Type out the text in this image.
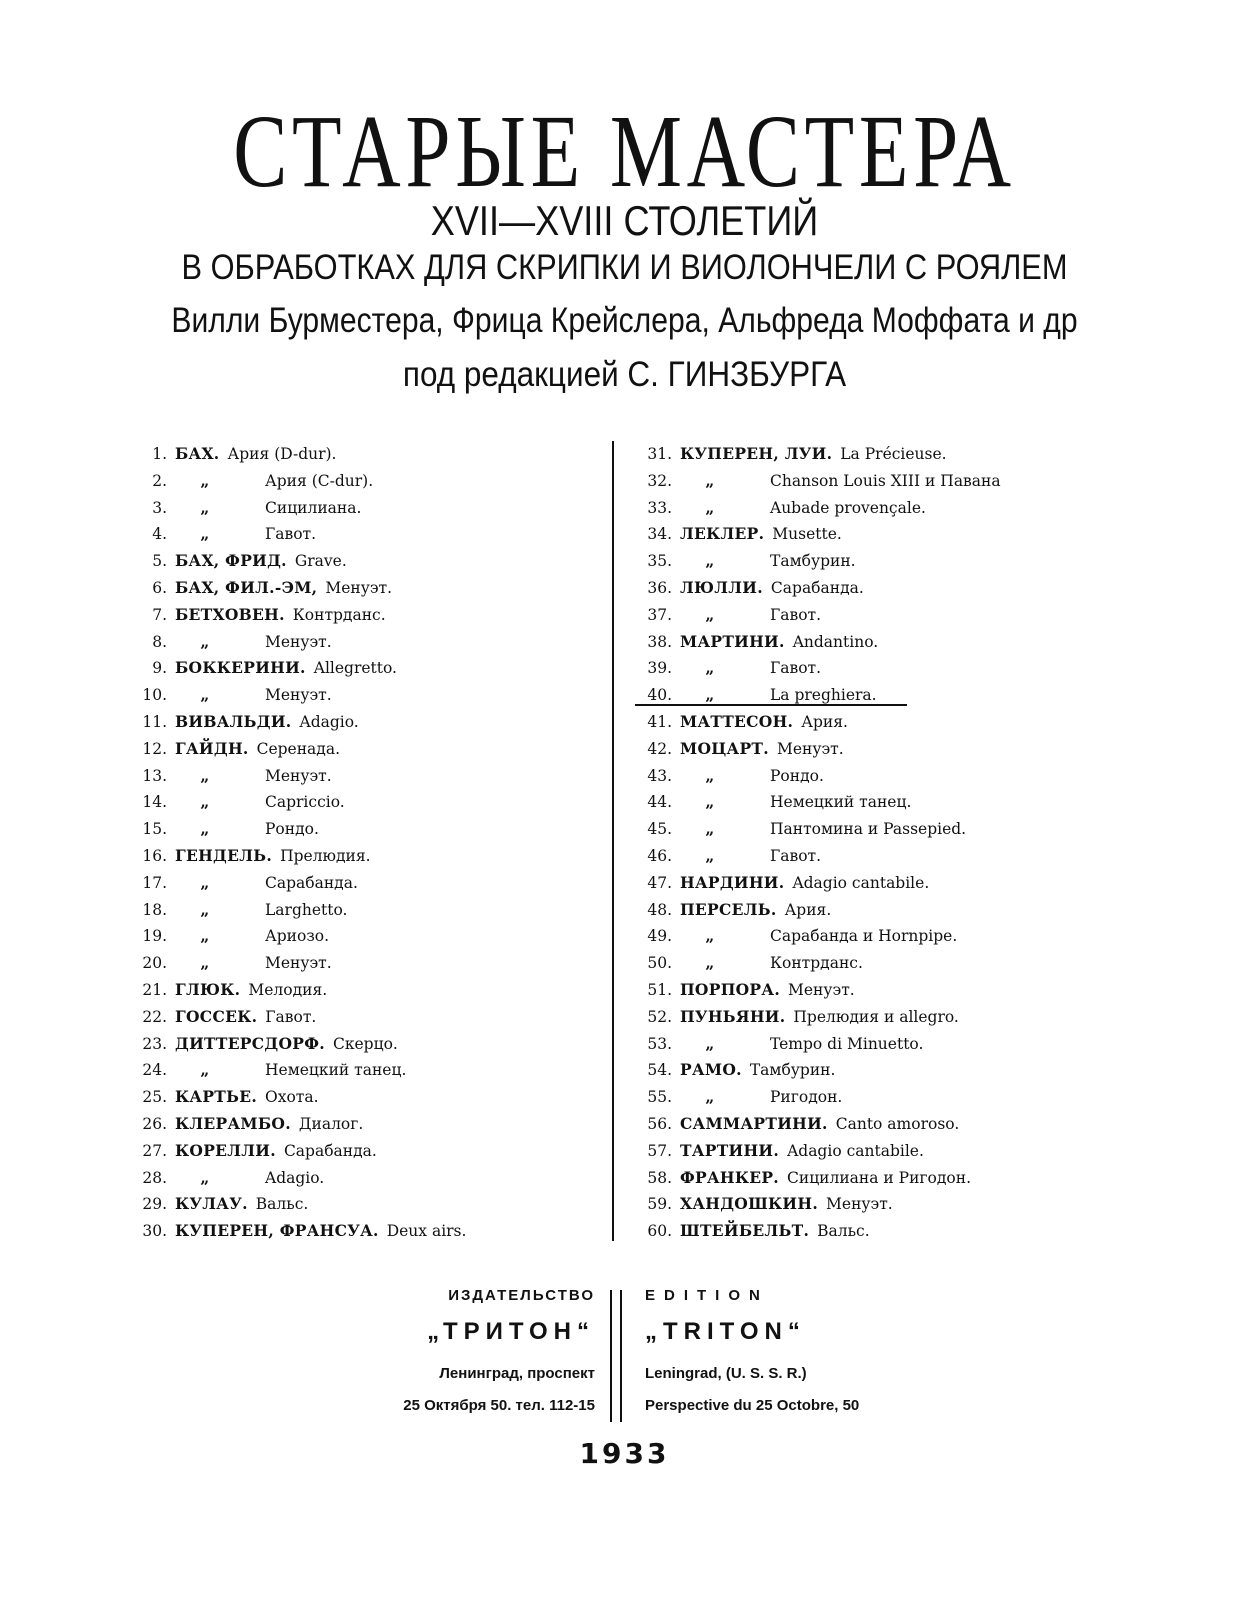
СТАРЫЕ МАСТЕРА
XVII—XVIII СТОЛЕТИЙ
В ОБРАБОТКАХ ДЛЯ СКРИПКИ И ВИОЛОНЧЕЛИ С РОЯЛЕМ
Вилли Бурместера, Фрица Крейслера, Альфреда Моффата и др
под редакцией С. ГИНЗБУРГА
1. БАХ. Ария (D-dur).
2. „	Ария (С-dur).
3. „	Сицилиана.
4. „	Гавот.
5. БАХ, ФРИД. Grave.
6. БАХ, ФИЛ.-ЭМ, Менуэт.
7. БЕТХОВЕН. Контрданс.
8. „	Менуэт.
9. БОККЕРИНИ. Allegretto.
10. „	Менуэт.
11. ВИВАЛЬДИ. Adagio.
12. ГАЙДН. Серенада.
13. „	Менуэт.
14. „	Capriccio.
15. „	Рондо.
16. ГЕНДЕЛЬ. Прелюдия.
17. „	Сарабанда.
18. „	Larghetto.
19. „	Ариозо.
20. „	Менуэт.
21. ГЛЮК. Мелодия.
22. ГОССЕК. Гавот.
23. ДИТТЕРСДОРФ. Скерцо.
24. „	Немецкий танец.
25. КАРТЬЕ. Охота.
26. КЛЕРАМБО. Диалог.
27. КОРЕЛЛИ. Сарабанда.
28. „	Adagio.
29. КУЛАУ. Вальс.
30. КУПЕРЕН, ФРАНСУА. Deux airs.
31. КУПЕРЕН, ЛУИ. La Précieuse.
32. „	Chanson Louis XIII и Павана
33. „	Aubade provençale.
34. ЛЕКЛЕР. Musette.
35. „	Тамбурин.
36. ЛЮЛЛИ. Сарабанда.
37. „	Гавот.
38. МАРТИНИ. Andantino.
39. „	Гавот.
40. „	La preghiera.
41. МАТТЕСОН. Ария.
42. МОЦАРТ. Менуэт.
43. „	Рондо.
44. „	Немецкий танец.
45. „	Пантомина и Passepied.
46. „	Гавот.
47. НАРДИНИ. Adagio cantabile.
48. ПЕРСЕЛЬ. Ария.
49. „	Сарабанда и Hornpipe.
50. „	Контрданс.
51. ПОРПОРА. Менуэт.
52. ПУНЬЯНИ. Прелюдия и allegro.
53. „	Tempo di Minuetto.
54. РАМО. Тамбурин.
55. „	Ригодон.
56. САММАРТИНИ. Canto amoroso.
57. ТАРТИНИ. Adagio cantabile.
58. ФРАНКЕР. Сицилиана и Ригодон.
59. ХАНДОШКИН. Менуэт.
60. ШТЕЙБЕЛЬТ. Вальс.
ИЗДАТЕЛЬСТВО
„ТРИТОН“
Ленинград, проспект
25 Октября 50. тел. 112-15
EDITION
„TRITON“
Leningrad, (U. S. S. R.)
Perspective du 25 Octobre, 50
1933
